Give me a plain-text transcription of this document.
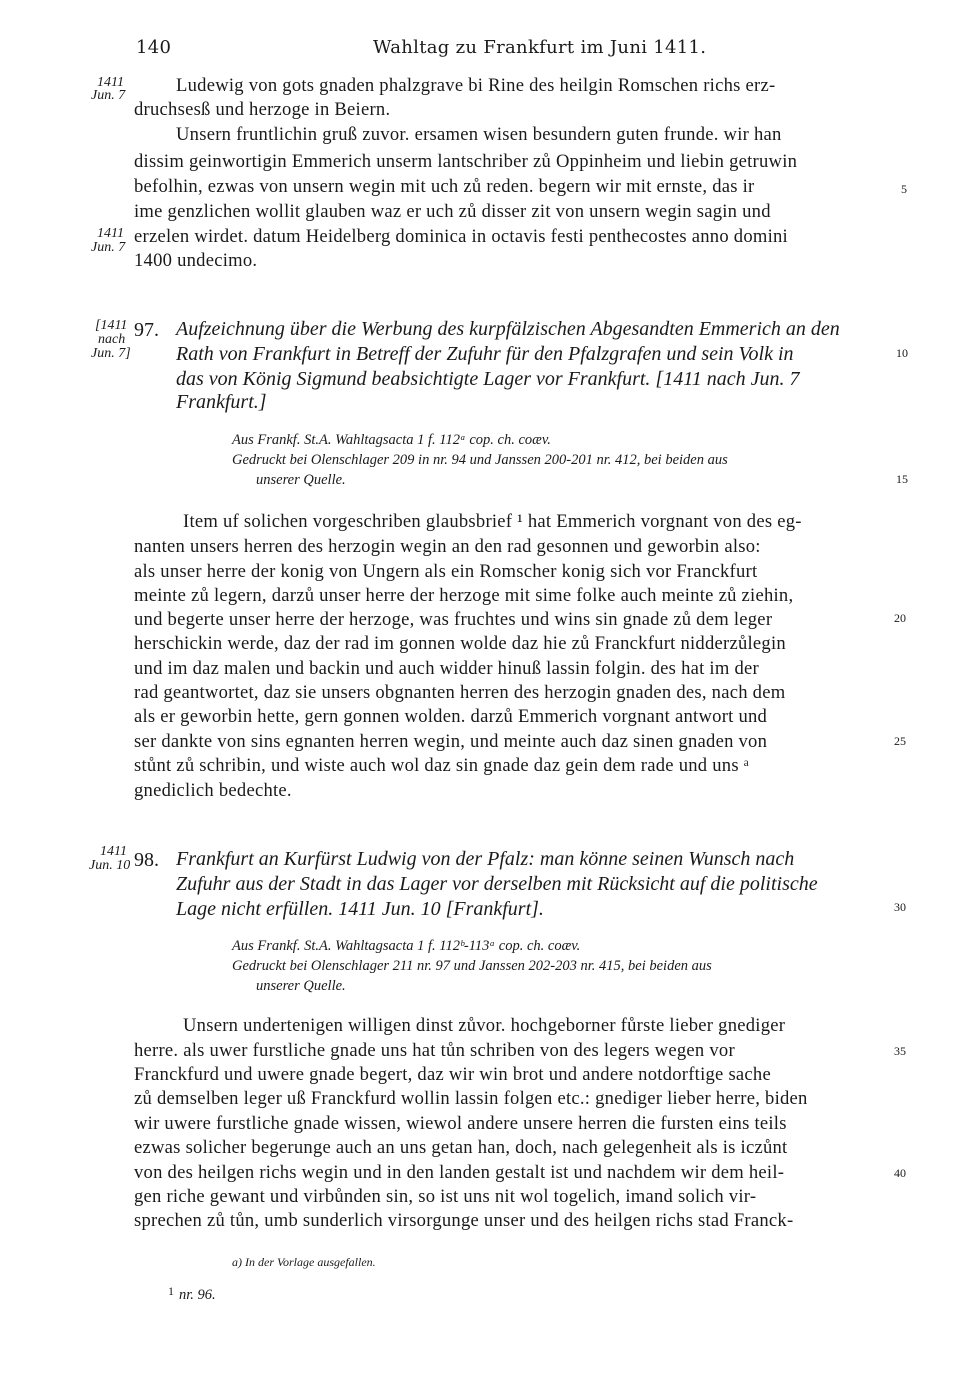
140	Wahltag zu Frankfurt im Juni 1411.
1411
Jun. 7
1411
Jun. 7
[1411
nach
Jun. 7]
1411
Jun. 10
5
10
15
20
25
30
35
40
Ludewig von gots gnaden phalzgrave bi Rine des heilgin Romschen richs erz-
druchsesß und herzoge in Beiern.
Unsern fruntlichin gruß zuvor. ersamen wisen besundern guten frunde. wir han
dissim geinwortigin Emmerich unserm lantschriber zů Oppinheim und liebin getruwin
befolhin, ezwas von unsern wegin mit uch zů reden. begern wir mit ernste, das ir
ime genzlichen wollit glauben waz er uch zů disser zit von unsern wegin sagin und
erzelen wirdet. datum Heidelberg dominica in octavis festi penthecostes anno domini
1400 undecimo.
97. Aufzeichnung über die Werbung des kurpfälzischen Abgesandten Emmerich an den
Rath von Frankfurt in Betreff der Zufuhr für den Pfalzgrafen und sein Volk in
das von König Sigmund beabsichtigte Lager vor Frankfurt. [1411 nach Jun. 7
Frankfurt.]
Aus Frankf. St.A. Wahltagsacta 1 f. 112ᵃ cop. ch. coæv.
Gedruckt bei Olenschlager 209 in nr. 94 und Janssen 200-201 nr. 412, bei beiden aus
unserer Quelle.
Item uf solichen vorgeschriben glaubsbrief ¹ hat Emmerich vorgnant von des eg-
nanten unsers herren des herzogin wegin an den rad gesonnen und geworbin also:
als unser herre der konig von Ungern als ein Romscher konig sich vor Franckfurt
meinte zů legern, darzů unser herre der herzoge mit sime folke auch meinte zů ziehin,
und begerte unser herre der herzoge, was fruchtes und wins sin gnade zů dem leger
herschickin werde, daz der rad im gonnen wolde daz hie zů Franckfurt nidderzůlegin
und im daz malen und backin und auch widder hinuß lassin folgin. des hat im der
rad geantwortet, daz sie unsers obgnanten herren des herzogin gnaden des, nach dem
als er geworbin hette, gern gonnen wolden. darzů Emmerich vorgnant antwort und
ser dankte von sins egnanten herren wegin, und meinte auch daz sinen gnaden von
stůnt zů schribin, und wiste auch wol daz sin gnade daz gein dem rade und uns ᵃ
gnediclich bedechte.
98. Frankfurt an Kurfürst Ludwig von der Pfalz: man könne seinen Wunsch nach
Zufuhr aus der Stadt in das Lager vor derselben mit Rücksicht auf die politische
Lage nicht erfüllen. 1411 Jun. 10 [Frankfurt].
Aus Frankf. St.A. Wahltagsacta 1 f. 112ᵇ-113ᵃ cop. ch. coæv.
Gedruckt bei Olenschlager 211 nr. 97 und Janssen 202-203 nr. 415, bei beiden aus
unserer Quelle.
Unsern undertenigen willigen dinst zůvor. hochgeborner fůrste lieber gnediger
herre. als uwer furstliche gnade uns hat tůn schriben von des legers wegen vor
Franckfurd und uwere gnade begert, daz wir win brot und andere notdorftige sache
zů demselben leger uß Franckfurd wollin lassin folgen etc.: gnediger lieber herre, biden
wir uwere furstliche gnade wissen, wiewol andere unsere herren die fursten eins teils
ezwas solicher begerunge auch an uns getan han, doch, nach gelegenheit als is iczůnt
von des heilgen richs wegin und in den landen gestalt ist und nachdem wir dem heil-
gen riche gewant und virbůnden sin, so ist uns nit wol togelich, imand solich vir-
sprechen zů tůn, umb sunderlich virsorgunge unser und des heilgen richs stad Franck-
a) In der Vorlage ausgefallen.
1 nr. 96.
